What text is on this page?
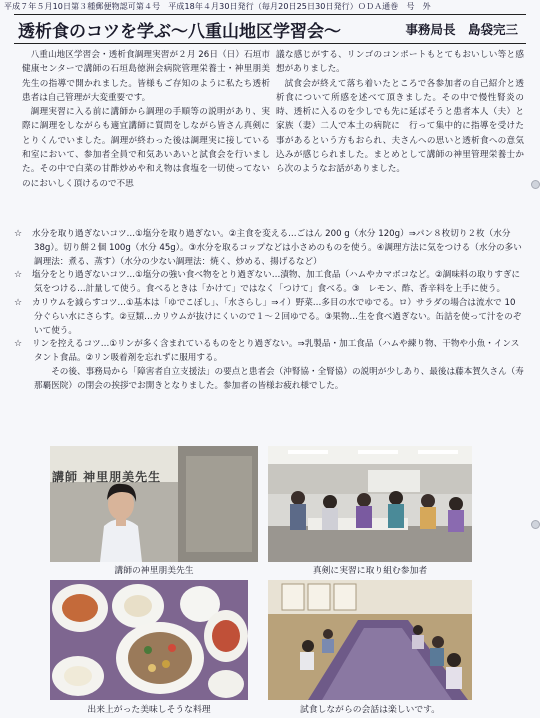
平成７年５月10日第３種郵便物認可第４号　平成18年４月30日発行（毎月20日25日30日発行）ＯＤＡ通巻　号　外
透析食のコツを学ぶ～八重山地区学習会～	事務局長　島袋完三

八重山地区学習会・透析食調理実習が２月 26日（日）石垣市健康センターで講師の石垣島徳洲会病院管理栄養士・神里朋美先生の指導で開かれました。皆様もご存知のように私たち透析患者は自己管理が大変重要です。

調理実習に入る前に講師から調理の手順等の説明があり、実際に調理をしながらも適宜講師に質問をしながら皆さん真剣にとりくんでいました。調理が終わった後は調理実に接している和室において、参加者全員で和気あいあいと試食会を行いました。その中で白菜の甘酢炒めや和え物は食塩を一切使ってないのにおいしく頂けるので不思

議な感じがする、リンゴのコンポートもとてもおいしい等と感想がありました。

試食会が終えて落ち着いたところで各参加者の自己紹介と透析食について所感を述べて頂きました。その中で慢性腎炎の時、透析に入るのを少しでも先に延ばそうと患者本人（夫）と家族（妻）二人で本土の病院に　行って集中的に指導を受けた事があるという方もおられ、夫さんへの思いと透析食への意気込みが感じられました。まとめとして講師の神里管理栄養士から次のようなお話がありました。

☆ 水分を取り過ぎないコツ…①塩分を取り過ぎない。②主食を変える…ごはん 200 g（水分 120g）⇒パン８枚切り２枚（水分 38g）。切り餅２個 100g（水分 45g）。③水分を取るコップなどは小さめのものを使う。④調理方法に気をつける（水分の多い調理法：煮る、蒸す）（水分の少ない調理法：焼く、炒める、揚げるなど）
☆ 塩分をとり過ぎないコツ…①塩分の強い食べ物をとり過ぎない…漬物、加工食品（ハムやカマボコなど。②調味料の取りすぎに気をつける…計量して使う。食べるときは「かけて」ではなく「つけて」食べる。③　レモン、酢、香辛料を上手に使う。
☆ カリウムを減らすコツ…①基本は「ゆでこぼし」、「水さらし」⇒イ）野菜…多目の水でゆでる。ロ）サラダの場合は流水で 10 分ぐらい水にさらす。②豆類…カリウムが抜けにくいので１～２回ゆでる。③果物…生を食べ過ぎない。缶詰を使って汁をのぞいて使う。
☆ リンを控えるコツ…①リンが多く含まれているものをとり過ぎない。⇒乳製品・加工食品（ハムや練り物、干物や小魚・インスタント食品。②リン吸着剤を忘れずに服用する。
その後、事務局から「障害者自立支援法」の要点と患者会（沖腎協・全腎協）の説明が少しあり、最後は藤本賀久さん（寿那覇医院）の閉会の挨拶でお開きとなりました。参加者の皆様お疲れ様でした。
講師 神里朋美先生
講師の神里朋美先生	真剣に実習に取り組む参加者
出来上がった美味しそうな料理	試食しながらの会話は楽しいです。
